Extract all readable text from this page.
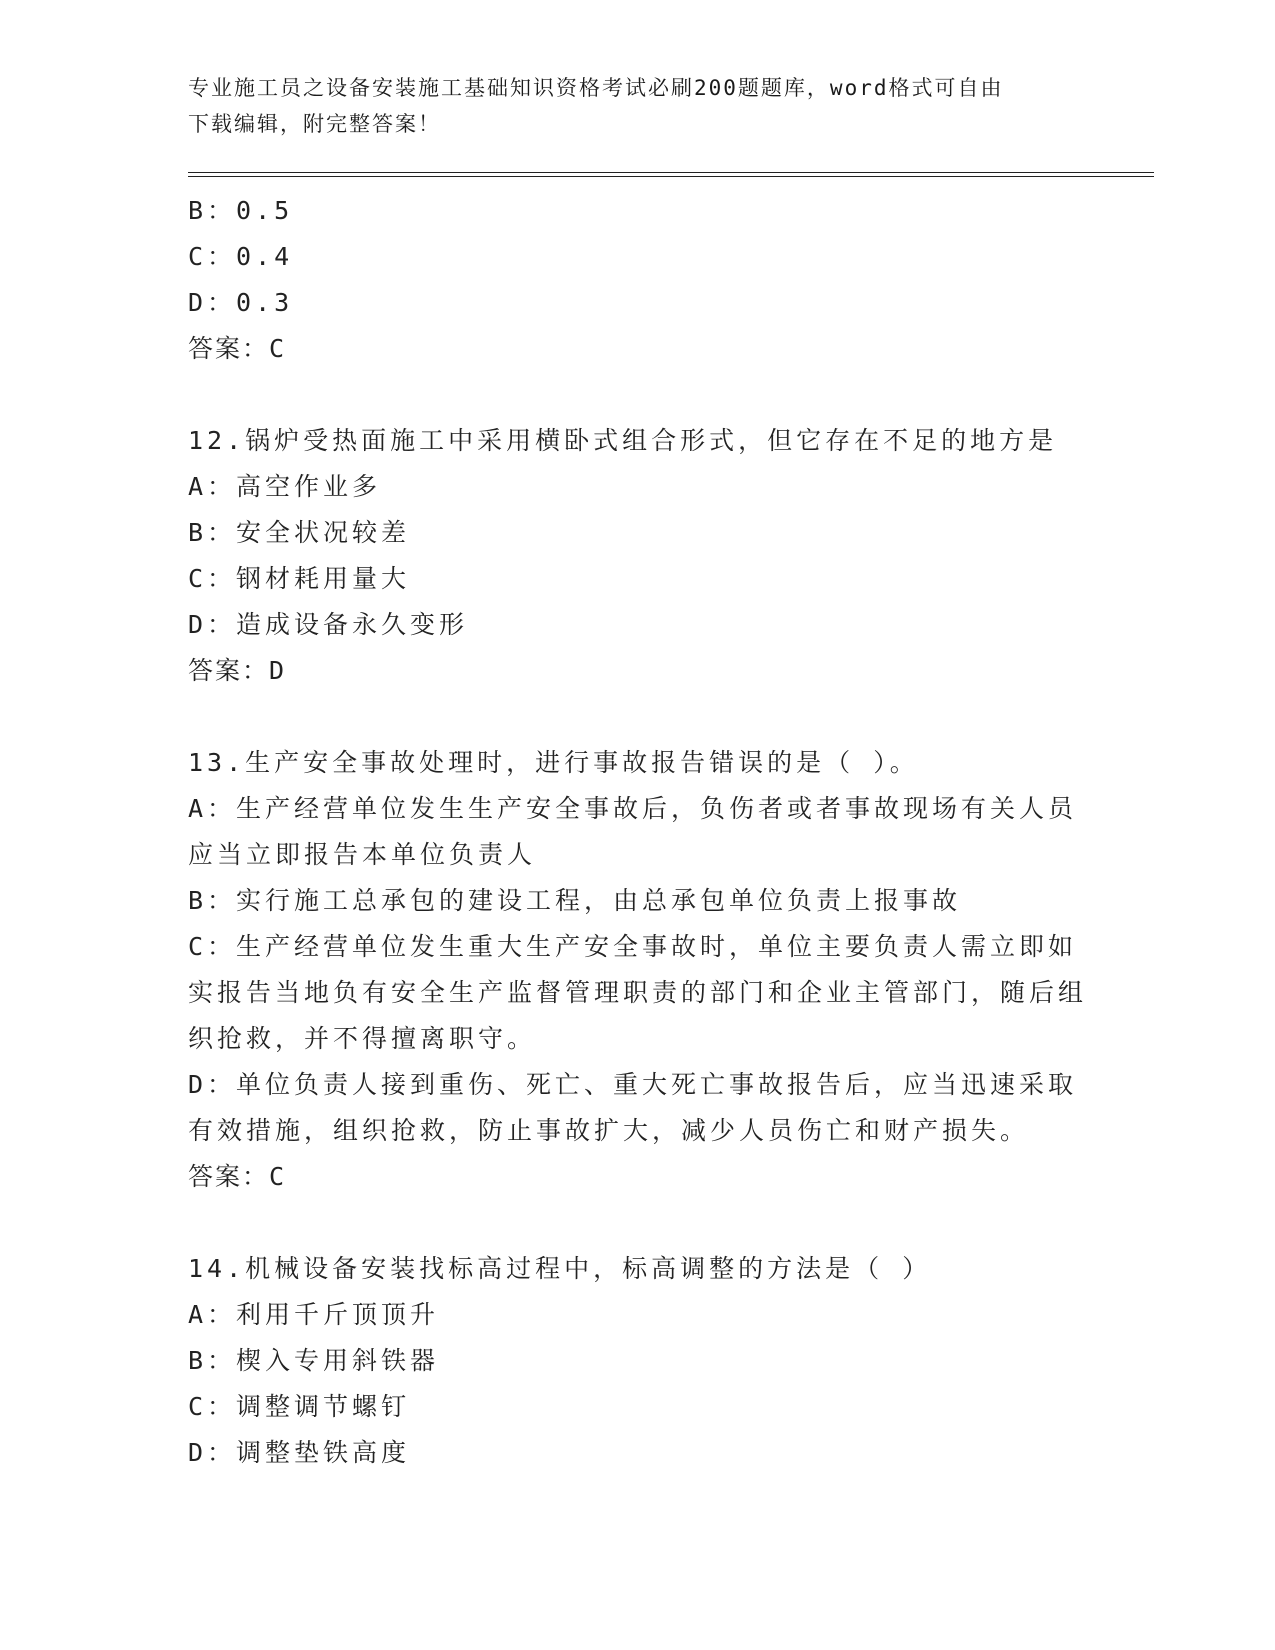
专业施工员之设备安装施工基础知识资格考试必刷200题题库，word格式可自由
下载编辑，附完整答案！
B：0.5
C：0.4
D：0.3
答案：C
12.锅炉受热面施工中采用横卧式组合形式，但它存在不足的地方是
A：高空作业多
B：安全状况较差
C：钢材耗用量大
D：造成设备永久变形
答案：D
13.生产安全事故处理时，进行事故报告错误的是（ ）。
A：生产经营单位发生生产安全事故后，负伤者或者事故现场有关人员应当立即报告本单位负责人
B：实行施工总承包的建设工程，由总承包单位负责上报事故
C：生产经营单位发生重大生产安全事故时，单位主要负责人需立即如实报告当地负有安全生产监督管理职责的部门和企业主管部门，随后组织抢救，并不得擅离职守。
D：单位负责人接到重伤、死亡、重大死亡事故报告后，应当迅速采取有效措施，组织抢救，防止事故扩大，减少人员伤亡和财产损失。
答案：C
14.机械设备安装找标高过程中，标高调整的方法是（ ）
A：利用千斤顶顶升
B：楔入专用斜铁器
C：调整调节螺钉
D：调整垫铁高度
